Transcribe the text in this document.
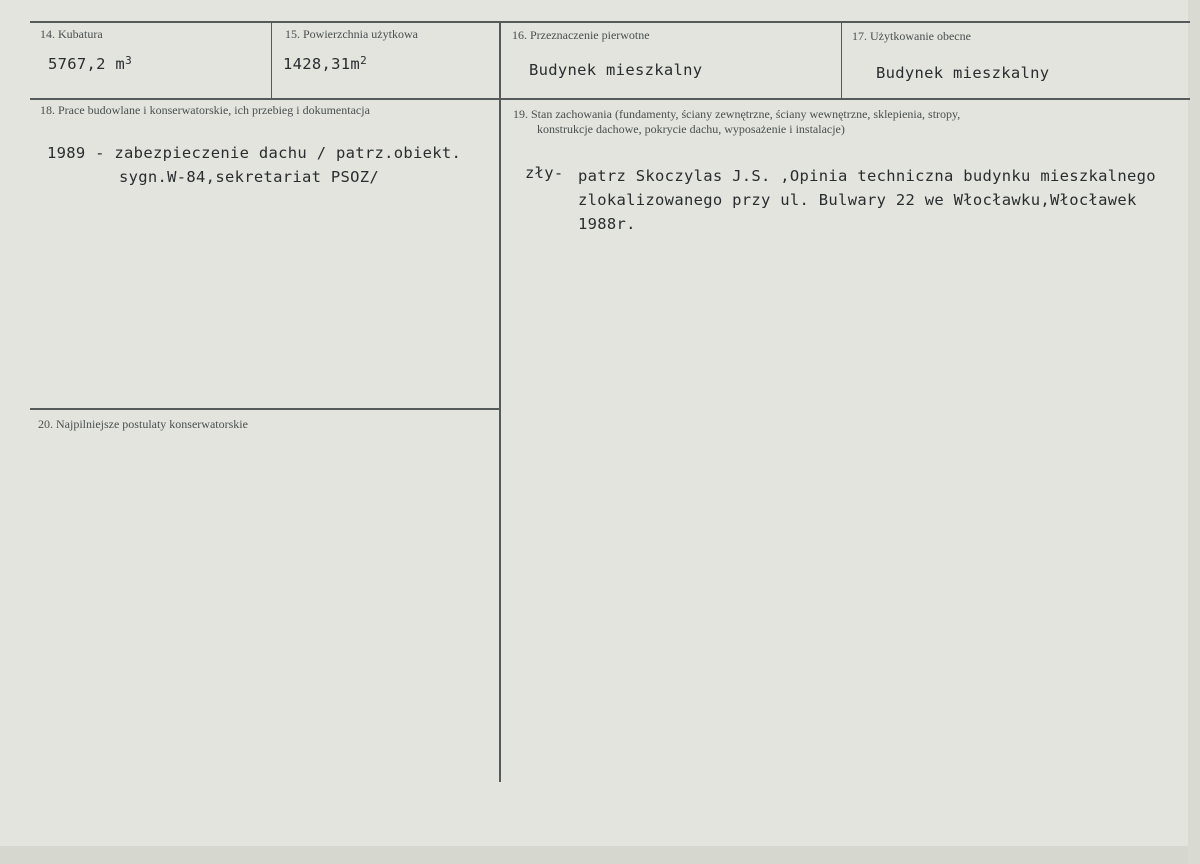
14. Kubatura
5767,2 $m^3$
15. Powierzchnia użytkowa
$1428,31m^2$
16. Przeznaczenie pierwotne
Budynek mieszkalny
17. Użytkowanie obecne
Budynek mieszkalny
18. Prace budowlane i konserwatorskie, ich przebieg i dokumentacja
1989 - zabezpieczenie dachu / patrz.obiekt.
sygn.W-84,sekretariat PSOZ/
19. Stan zachowania (fundamenty, ściany zewnętrzne, ściany wewnętrzne, sklepienia, stropy,
konstrukcje dachowe, pokrycie dachu, wyposażenie i instalacje)
zły- patrz Skoczylas J.S. ,Opinia techniczna budynku mieszkalnego
zlokalizowanego przy ul. Bulwary 22 we Włocławku,Włocławek
1988r.
20. Najpilniejsze postulaty konserwatorskie
